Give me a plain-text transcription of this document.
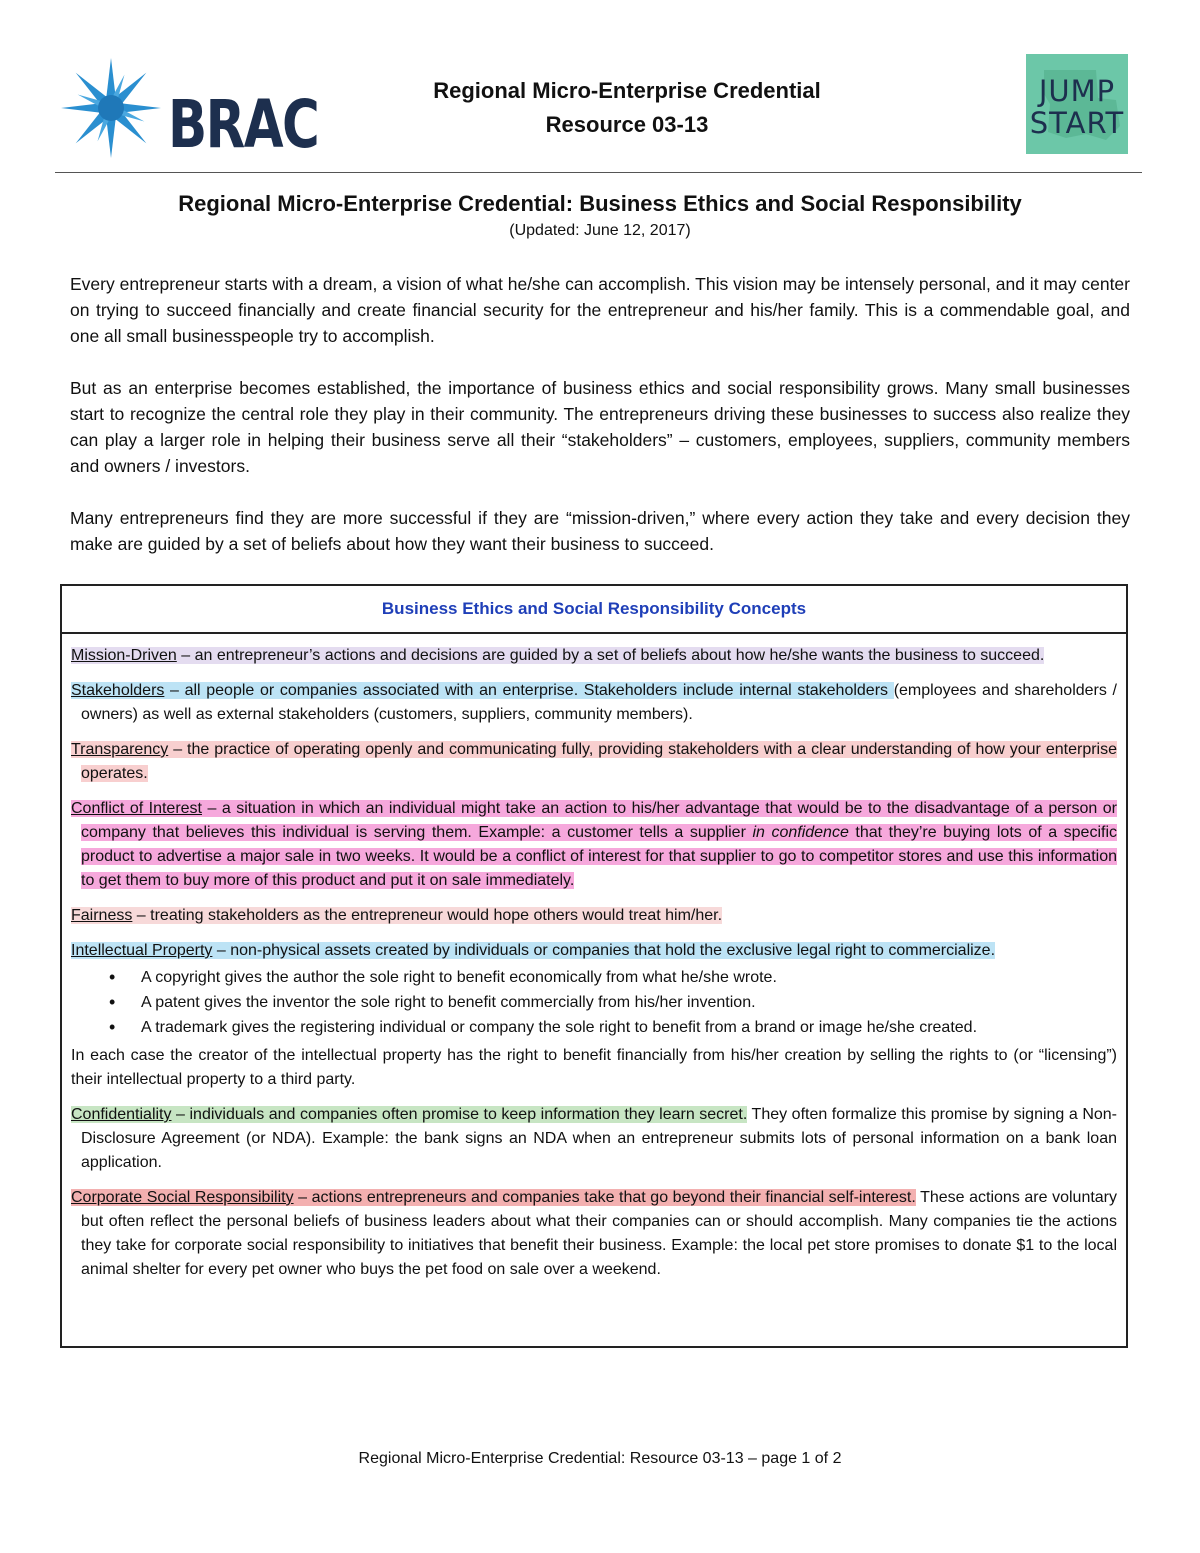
BRAC	Regional Micro-Enterprise Credential
Resource 03-13
JUMP
START
Regional Micro-Enterprise Credential: Business Ethics and Social Responsibility
(Updated: June 12, 2017)

Every entrepreneur starts with a dream, a vision of what he/she can accomplish. This vision may be intensely personal, and it may center on trying to succeed financially and create financial security for the entrepreneur and his/her family. This is a commendable goal, and one all small businesspeople try to accomplish.

But as an enterprise becomes established, the importance of business ethics and social responsibility grows. Many small businesses start to recognize the central role they play in their community. The entrepreneurs driving these businesses to success also realize they can play a larger role in helping their business serve all their “stakeholders” – customers, employees, suppliers, community members and owners / investors.

Many entrepreneurs find they are more successful if they are “mission-driven,” where every action they take and every decision they make are guided by a set of beliefs about how they want their business to succeed.

Business Ethics and Social Responsibility Concepts

Mission-Driven – an entrepreneur’s actions and decisions are guided by a set of beliefs about how he/she wants the business to succeed.

Stakeholders – all people or companies associated with an enterprise. Stakeholders include internal stakeholders (employees and shareholders / owners) as well as external stakeholders (customers, suppliers, community members).

Transparency – the practice of operating openly and communicating fully, providing stakeholders with a clear understanding of how your enterprise operates.

Conflict of Interest – a situation in which an individual might take an action to his/her advantage that would be to the disadvantage of a person or company that believes this individual is serving them. Example: a customer tells a supplier in confidence that they’re buying lots of a specific product to advertise a major sale in two weeks. It would be a conflict of interest for that supplier to go to competitor stores and use this information to get them to buy more of this product and put it on sale immediately.

Fairness – treating stakeholders as the entrepreneur would hope others would treat him/her.

Intellectual Property – non-physical assets created by individuals or companies that hold the exclusive legal right to commercialize.

• A copyright gives the author the sole right to benefit economically from what he/she wrote.
• A patent gives the inventor the sole right to benefit commercially from his/her invention.
• A trademark gives the registering individual or company the sole right to benefit from a brand or image he/she created.

In each case the creator of the intellectual property has the right to benefit financially from his/her creation by selling the rights to (or “licensing”) their intellectual property to a third party.

Confidentiality – individuals and companies often promise to keep information they learn secret. They often formalize this promise by signing a Non-Disclosure Agreement (or NDA). Example: the bank signs an NDA when an entrepreneur submits lots of personal information on a bank loan application.

Corporate Social Responsibility – actions entrepreneurs and companies take that go beyond their financial self-interest. These actions are voluntary but often reflect the personal beliefs of business leaders about what their companies can or should accomplish. Many companies tie the actions they take for corporate social responsibility to initiatives that benefit their business. Example: the local pet store promises to donate $1 to the local animal shelter for every pet owner who buys the pet food on sale over a weekend.

Regional Micro-Enterprise Credential: Resource 03-13 – page 1 of 2
